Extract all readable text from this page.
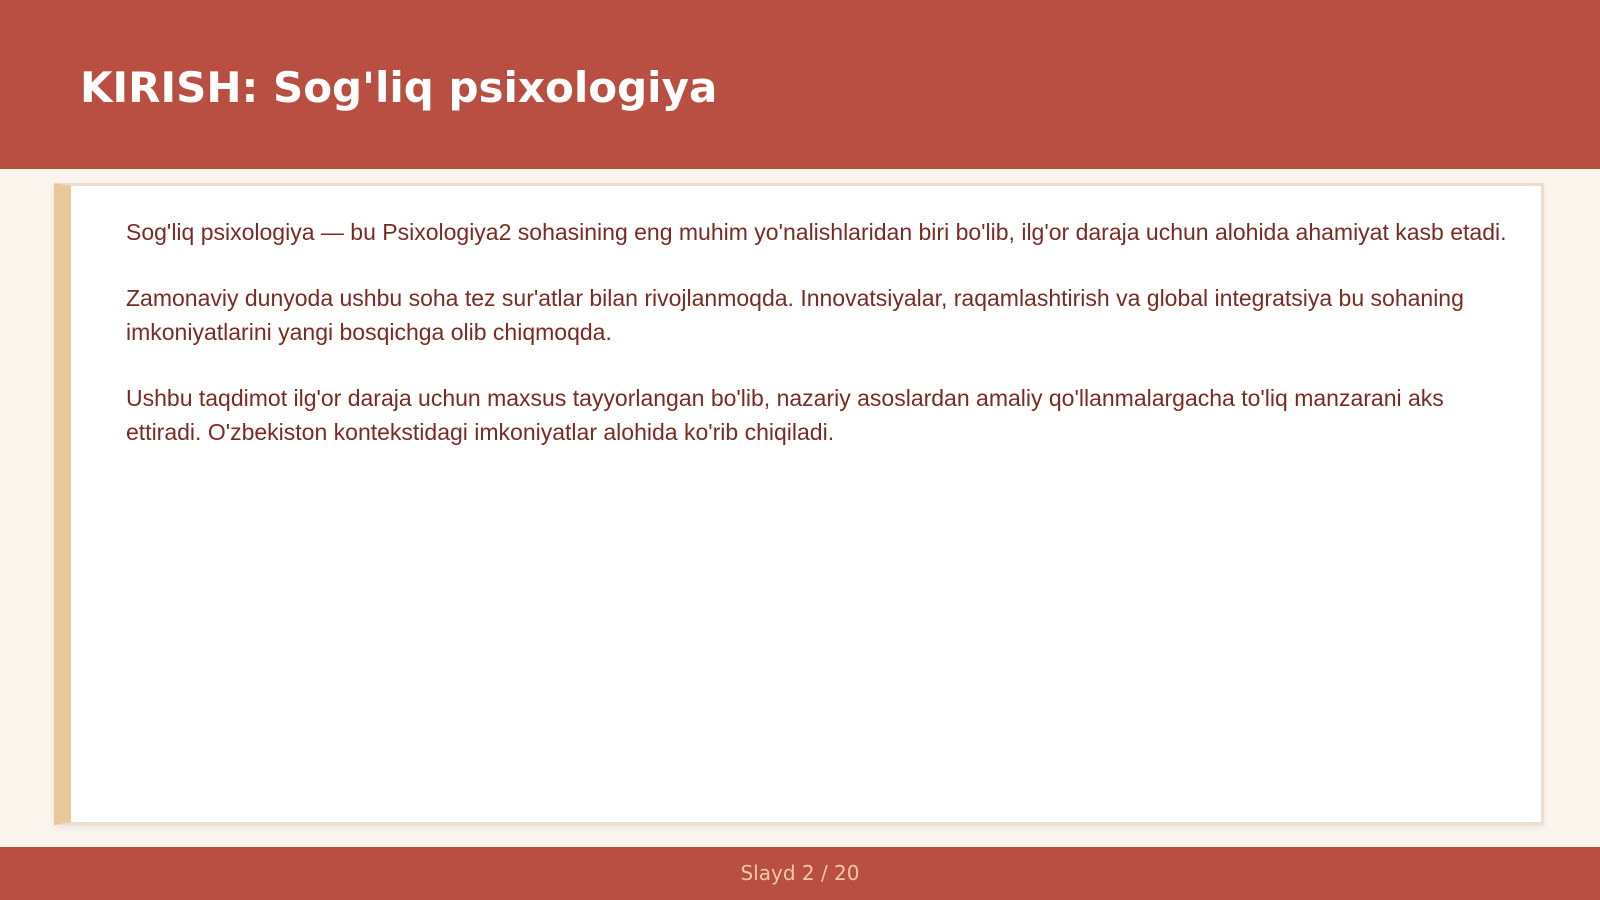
KIRISH: Sog'liq psixologiya

Sog'liq psixologiya — bu Psixologiya2 sohasining eng muhim yo'nalishlaridan biri bo'lib, ilg'or daraja uchun alohida ahamiyat kasb etadi.

Zamonaviy dunyoda ushbu soha tez sur'atlar bilan rivojlanmoqda. Innovatsiyalar, raqamlashtirish va global integratsiya bu sohaning imkoniyatlarini yangi bosqichga olib chiqmoqda.

Ushbu taqdimot ilg'or daraja uchun maxsus tayyorlangan bo'lib, nazariy asoslardan amaliy qo'llanmalargacha to'liq manzarani aks ettiradi. O'zbekiston kontekstidagi imkoniyatlar alohida ko'rib chiqiladi.

Slayd 2 / 20
